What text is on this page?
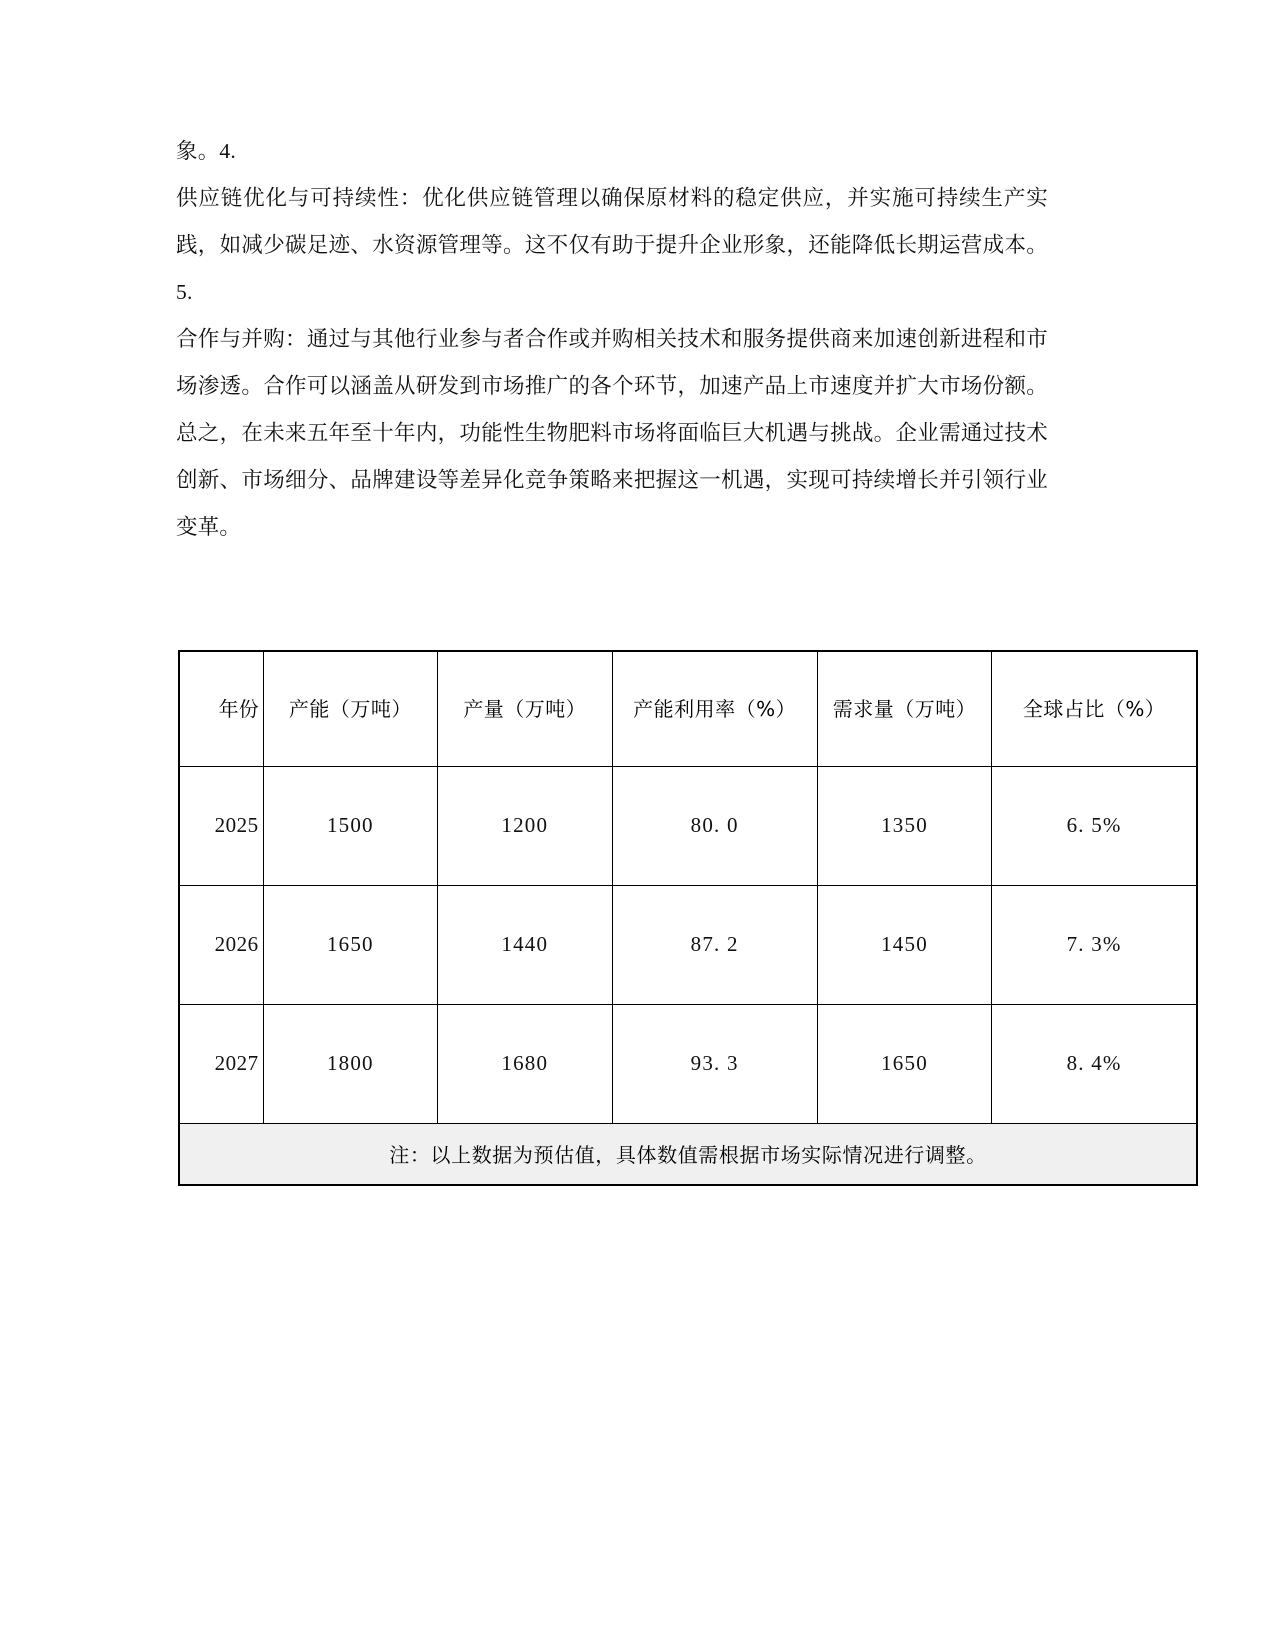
象。4.

供应链优化与可持续性：优化供应链管理以确保原材料的稳定供应，并实施可持续生产实践，如减少碳足迹、水资源管理等。这不仅有助于提升企业形象，还能降低长期运营成本。5.

合作与并购：通过与其他行业参与者合作或并购相关技术和服务提供商来加速创新进程和市场渗透。合作可以涵盖从研发到市场推广的各个环节，加速产品上市速度并扩大市场份额。总之，在未来五年至十年内，功能性生物肥料市场将面临巨大机遇与挑战。企业需通过技术创新、市场细分、品牌建设等差异化竞争策略来把握这一机遇，实现可持续增长并引领行业变革。

年份	产能（万吨）	产量（万吨）	产能利用率（%）	需求量（万吨）	全球占比（%）
2025	1500	1200	80. 0	1350	6. 5%
2026	1650	1440	87. 2	1450	7. 3%
2027	1800	1680	93. 3	1650	8. 4%
注：以上数据为预估值，具体数值需根据市场实际情况进行调整。					
